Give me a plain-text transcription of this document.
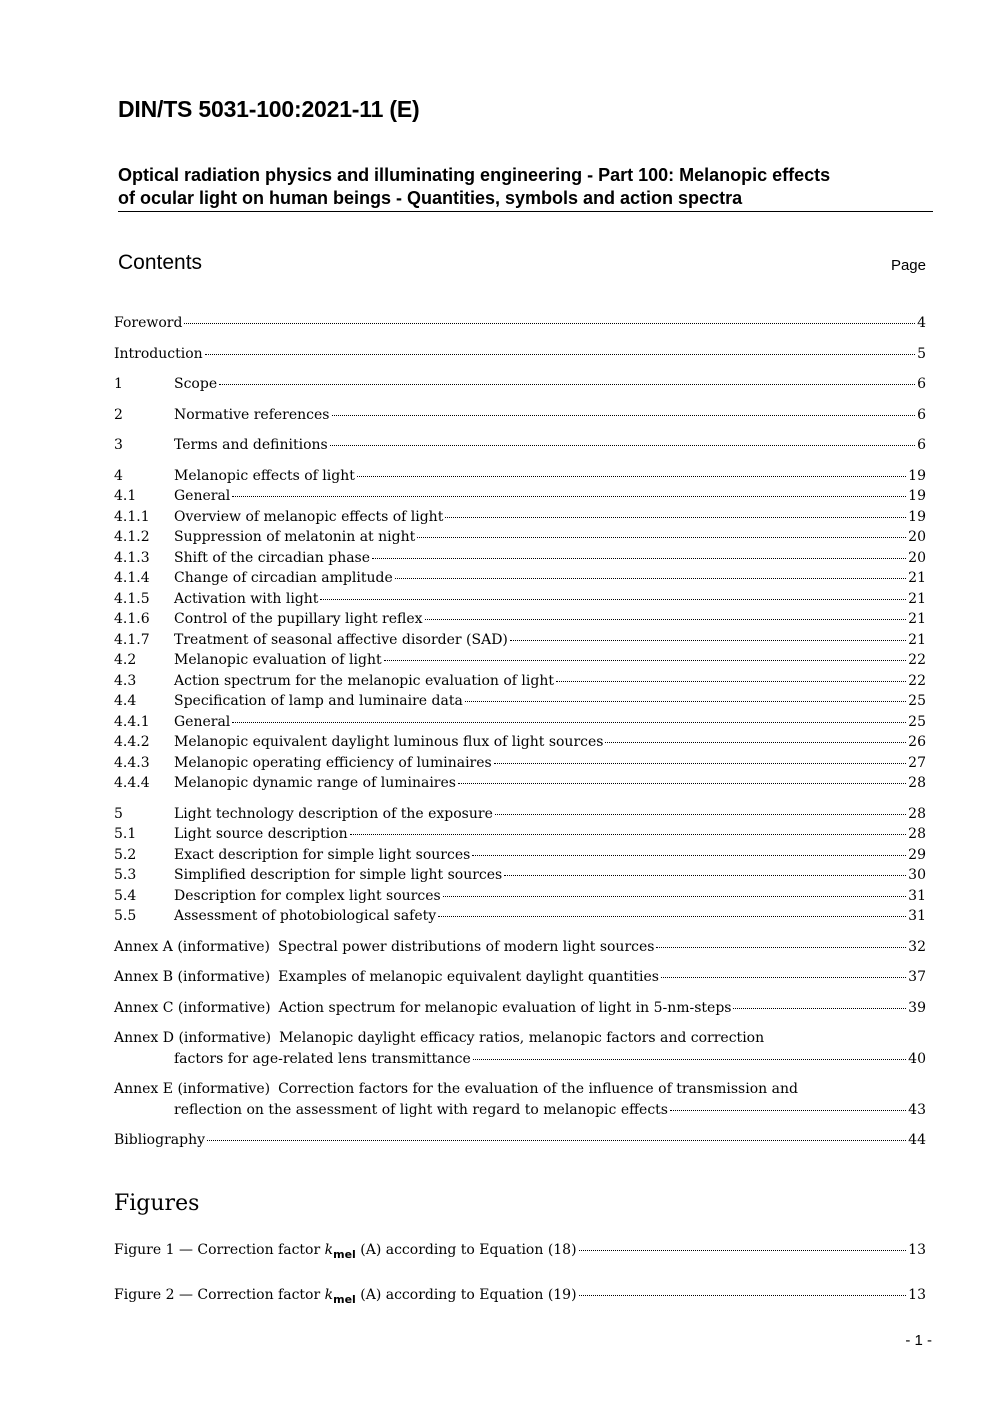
DIN/TS 5031-100:2021-11 (E)
Optical radiation physics and illuminating engineering - Part 100: Melanopic effects
of ocular light on human beings - Quantities, symbols and action spectra
Contents	Page
Foreword	4
Introduction	5
1	Scope	6
2	Normative references	6
3	Terms and definitions	6
4	Melanopic effects of light	19
4.1	General	19
4.1.1	Overview of melanopic effects of light	19
4.1.2	Suppression of melatonin at night	20
4.1.3	Shift of the circadian phase	20
4.1.4	Change of circadian amplitude	21
4.1.5	Activation with light	21
4.1.6	Control of the pupillary light reflex	21
4.1.7	Treatment of seasonal affective disorder (SAD)	21
4.2	Melanopic evaluation of light	22
4.3	Action spectrum for the melanopic evaluation of light	22
4.4	Specification of lamp and luminaire data	25
4.4.1	General	25
4.4.2	Melanopic equivalent daylight luminous flux of light sources	26
4.4.3	Melanopic operating efficiency of luminaires	27
4.4.4	Melanopic dynamic range of luminaires	28
5	Light technology description of the exposure	28
5.1	Light source description	28
5.2	Exact description for simple light sources	29
5.3	Simplified description for simple light sources	30
5.4	Description for complex light sources	31
5.5	Assessment of photobiological safety	31
Annex A (informative) Spectral power distributions of modern light sources	32
Annex B (informative) Examples of melanopic equivalent daylight quantities	37
Annex C (informative) Action spectrum for melanopic evaluation of light in 5-nm-steps	39
Annex D (informative) Melanopic daylight efficacy ratios, melanopic factors and correction
factors for age-related lens transmittance	40
Annex E (informative) Correction factors for the evaluation of the influence of transmission and
reflection on the assessment of light with regard to melanopic effects	43
Bibliography	44
Figures
Figure 1 — Correction factor $k_{mel}$ (A) according to Equation (18)	13
Figure 2 — Correction factor $k_{mel}$ (A) according to Equation (19)	13
- 1 -
